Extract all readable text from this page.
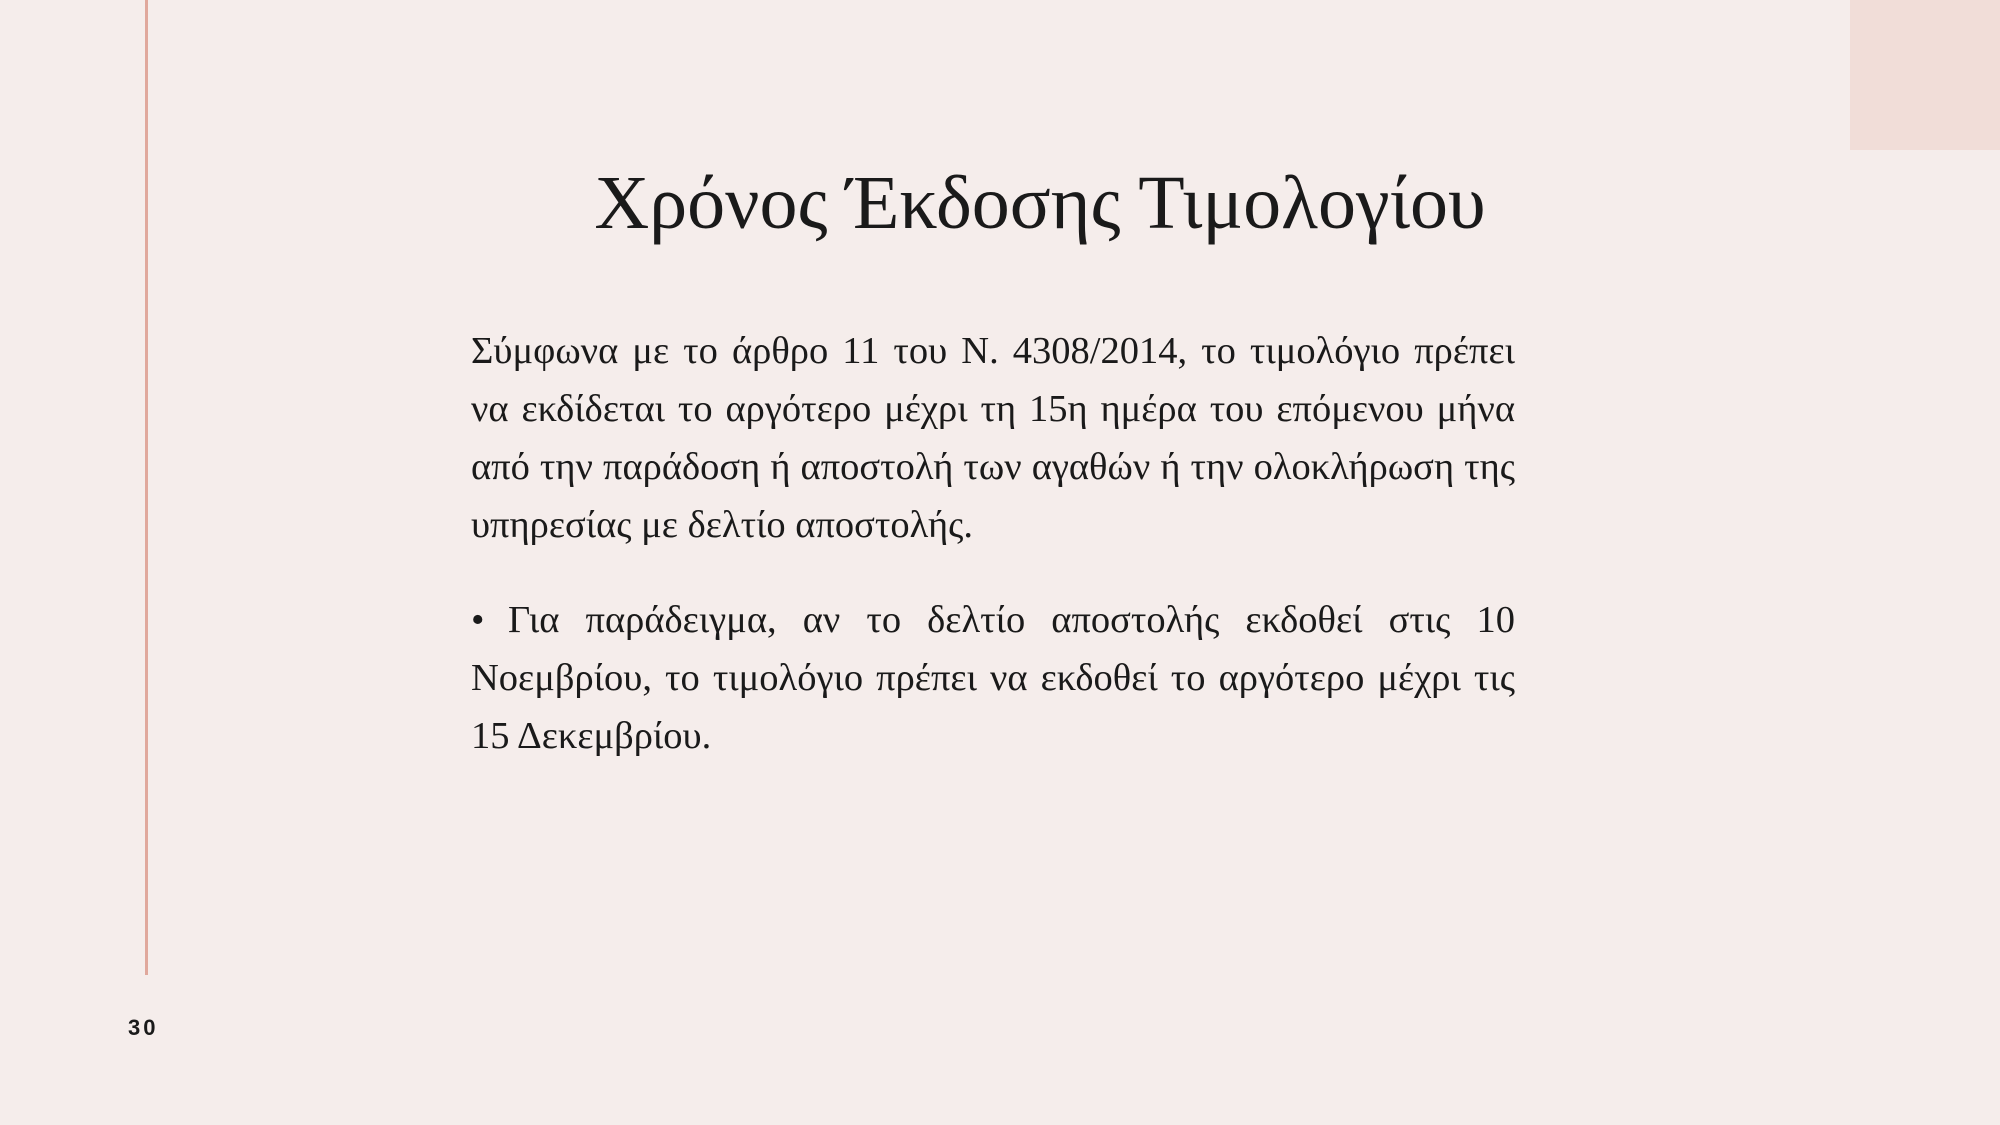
Χρόνος Έκδοσης Τιμολογίου

Σύμφωνα με το άρθρο 11 του Ν. 4308/2014, το τιμολόγιο πρέπει να εκδίδεται το αργότερο μέχρι τη 15η ημέρα του επόμενου μήνα από την παράδοση ή αποστολή των αγαθών ή την ολοκλήρωση της υπηρεσίας με δελτίο αποστολής.

• Για παράδειγμα, αν το δελτίο αποστολής εκδοθεί στις 10 Νοεμβρίου, το τιμολόγιο πρέπει να εκδοθεί το αργότερο μέχρι τις 15 Δεκεμβρίου.

30
